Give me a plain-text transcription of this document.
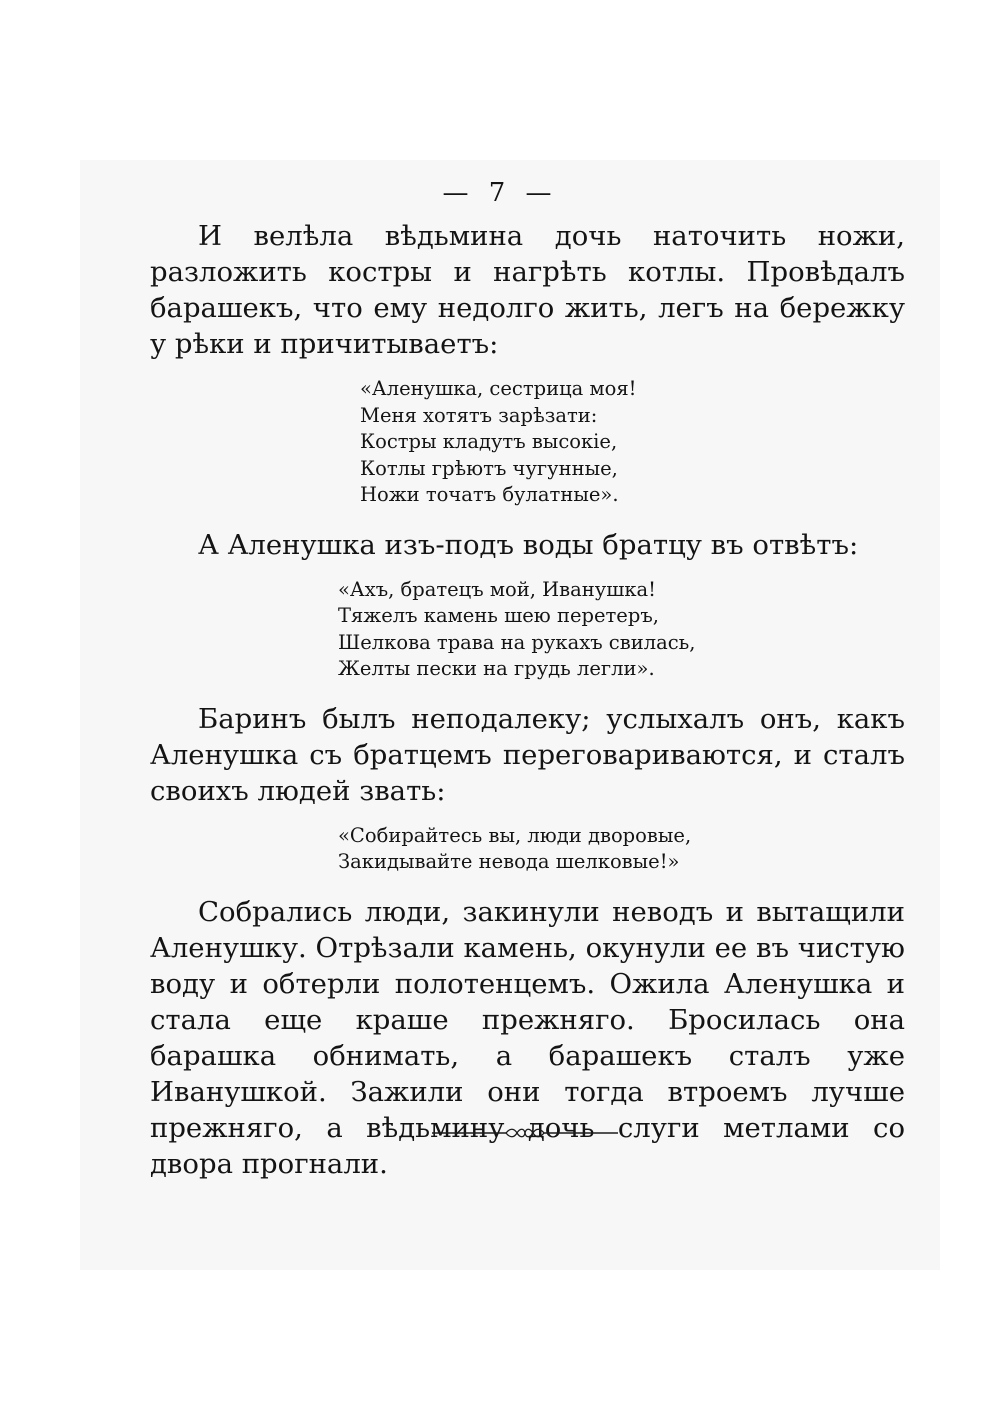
— 7 —

И велѣла вѣдьмина дочь наточить ножи, разложить костры и нагрѣть котлы. Провѣдалъ барашекъ, что ему недолго жить, легъ на бережку у рѣки и причитываетъ:

«Аленушка, сестрица моя!
Меня хотятъ зарѣзати:
Костры кладутъ высокіе,
Котлы грѣютъ чугунные,
Ножи точатъ булатные».

А Аленушка изъ-подъ воды братцу въ отвѣтъ:

«Ахъ, братецъ мой, Иванушка!
Тяжелъ камень шею перетеръ,
Шелкова трава на рукахъ свилась,
Желты пески на грудь легли».

Баринъ былъ неподалеку; услыхалъ онъ, какъ Аленушка съ братцемъ переговариваются, и сталъ своихъ людей звать:

«Собирайтесь вы, люди дворовые,
Закидывайте невода шелковые!»

Собрались люди, закинули неводъ и вытащили Аленушку. Отрѣзали камень, окунули ее въ чистую воду и обтерли полотенцемъ. Ожила Аленушка и стала еще краше прежняго. Бросилась она барашка обнимать, а барашекъ сталъ уже Иванушкой. Зажили они тогда втроемъ лучше прежняго, а вѣдьмину дочь слуги метлами со двора прогнали.
